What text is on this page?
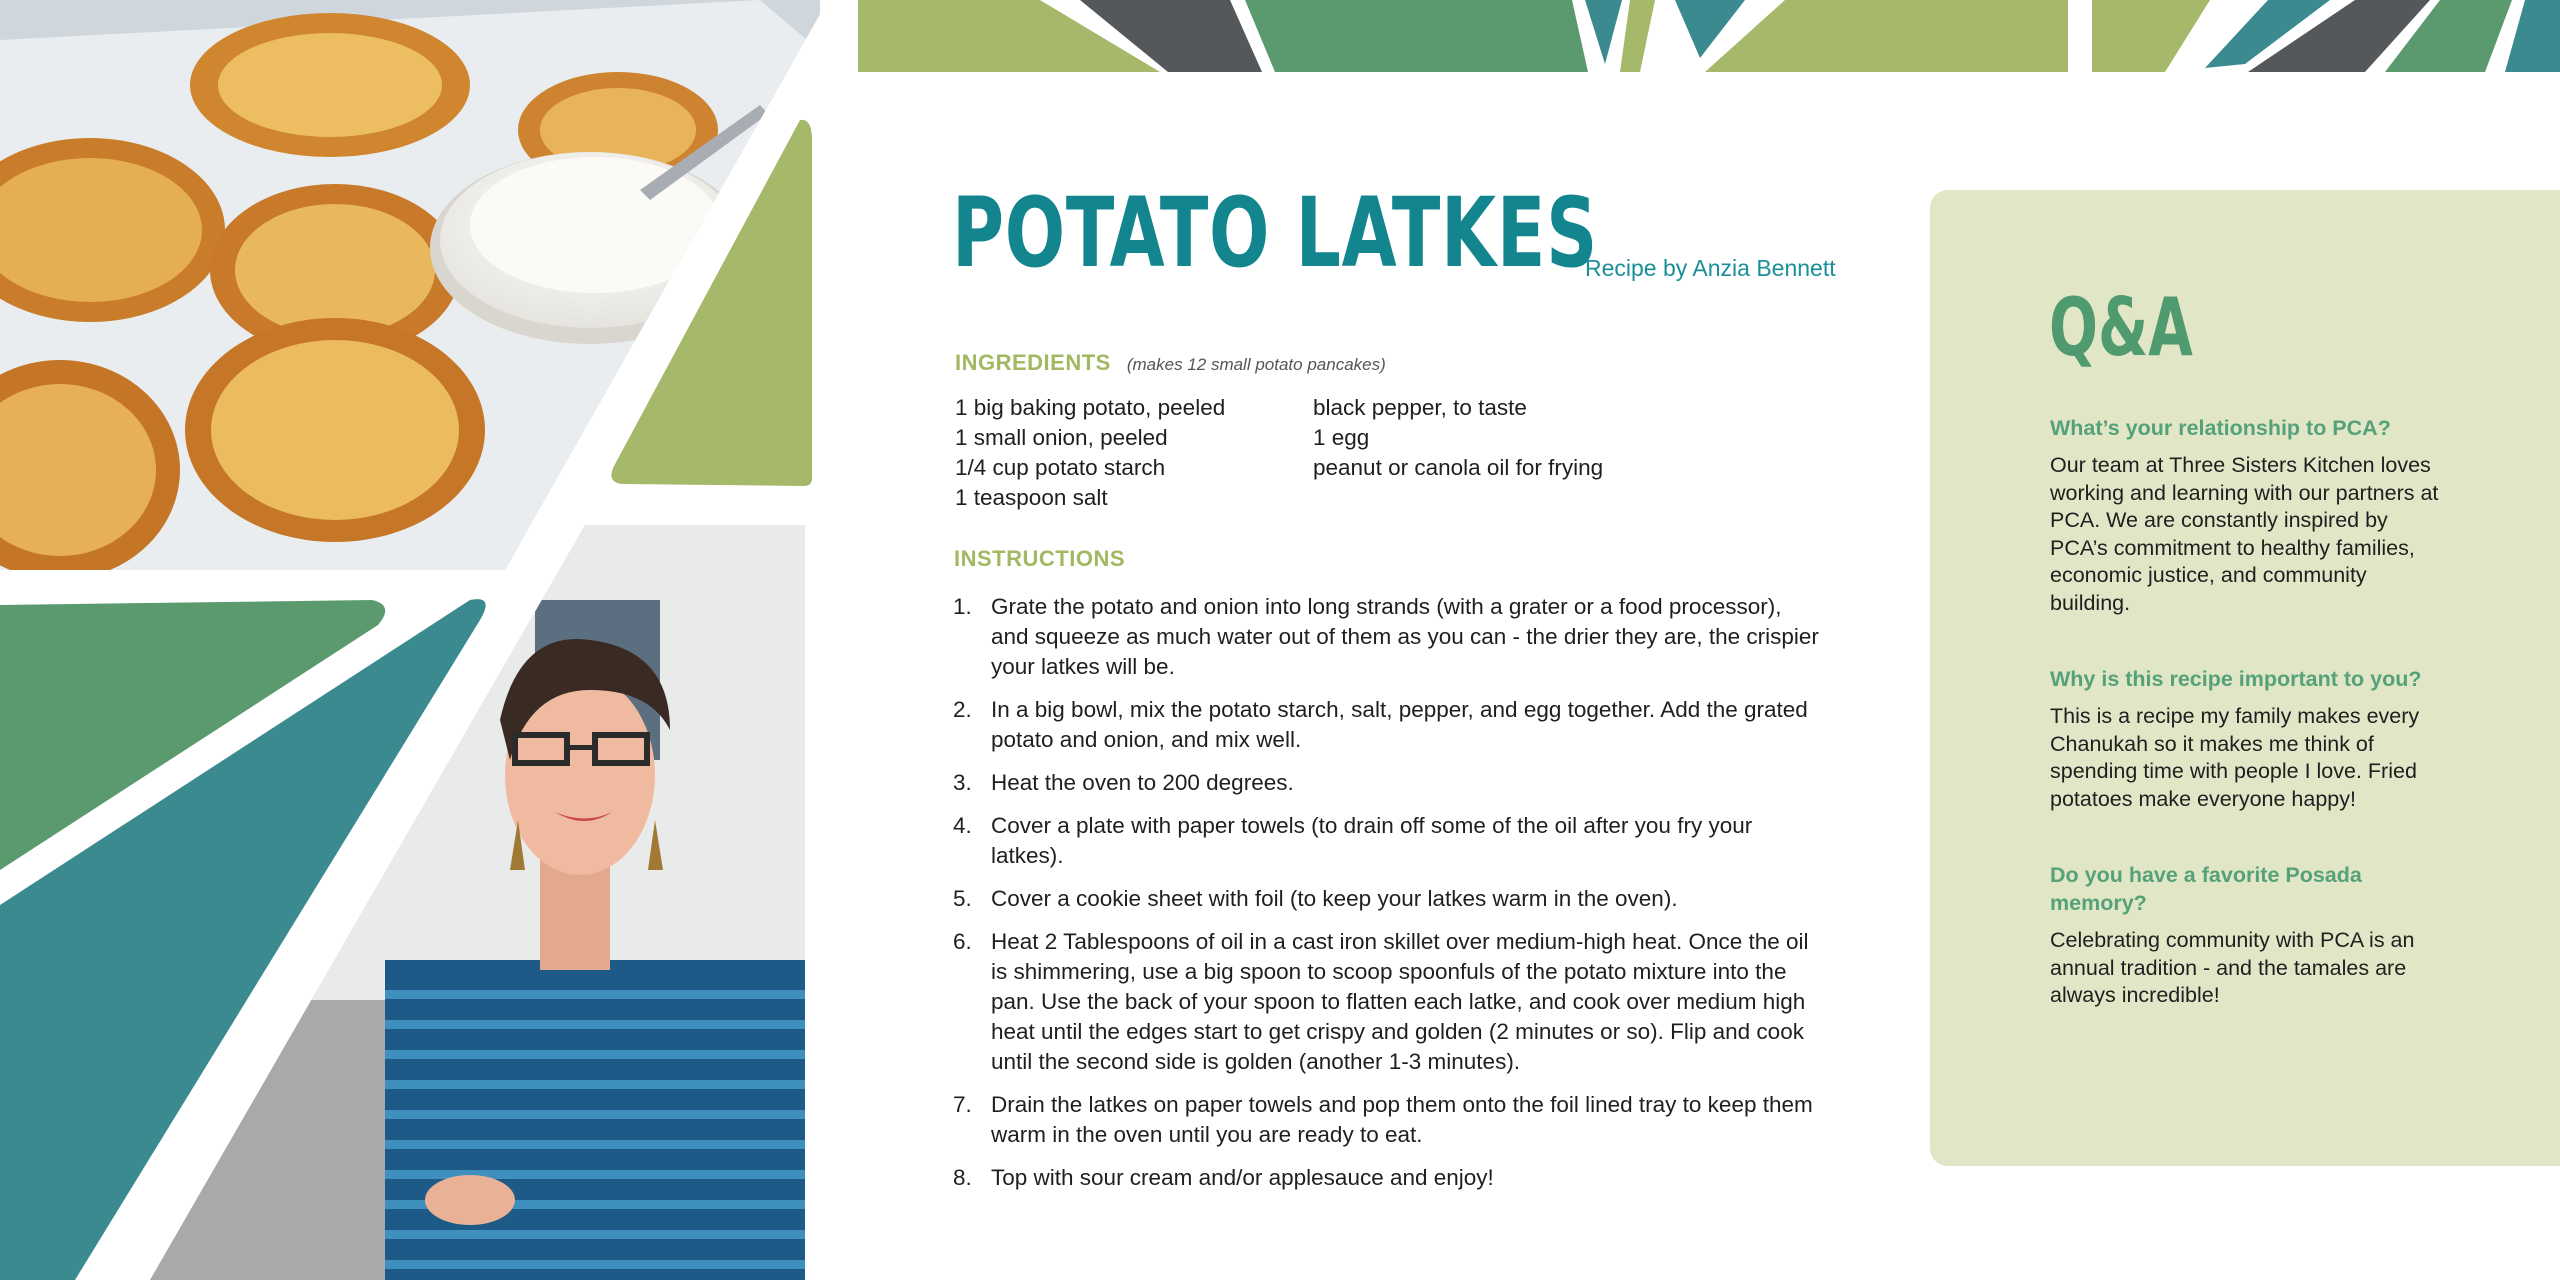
POTATO LATKES
Recipe by Anzia Bennett
INGREDIENTS (makes 12 small potato pancakes)
1 big baking potato, peeled
1 small onion, peeled
1/4 cup potato starch
1 teaspoon salt
black pepper, to taste
1 egg
peanut or canola oil for frying
INSTRUCTIONS
1. Grate the potato and onion into long strands (with a grater or a food processor), and squeeze as much water out of them as you can - the drier they are, the crispier your latkes will be.
2. In a big bowl, mix the potato starch, salt, pepper, and egg together. Add the grated potato and onion, and mix well.
3. Heat the oven to 200 degrees.
4. Cover a plate with paper towels (to drain off some of the oil after you fry your latkes).
5. Cover a cookie sheet with foil (to keep your latkes warm in the oven).
6. Heat 2 Tablespoons of oil in a cast iron skillet over medium-high heat. Once the oil is shimmering, use a big spoon to scoop spoonfuls of the potato mixture into the pan. Use the back of your spoon to flatten each latke, and cook over medium high heat until the edges start to get crispy and golden (2 minutes or so). Flip and cook until the second side is golden (another 1-3 minutes).
7. Drain the latkes on paper towels and pop them onto the foil lined tray to keep them warm in the oven until you are ready to eat.
8. Top with sour cream and/or applesauce and enjoy!
Q&A

What’s your relationship to PCA?

Our team at Three Sisters Kitchen loves working and learning with our partners at PCA. We are constantly inspired by PCA’s commitment to healthy families, economic justice, and community building.

Why is this recipe important to you?

This is a recipe my family makes every Chanukah so it makes me think of spending time with people I love. Fried potatoes make everyone happy!

Do you have a favorite Posada memory?

Celebrating community with PCA is an annual tradition - and the tamales are always incredible!
